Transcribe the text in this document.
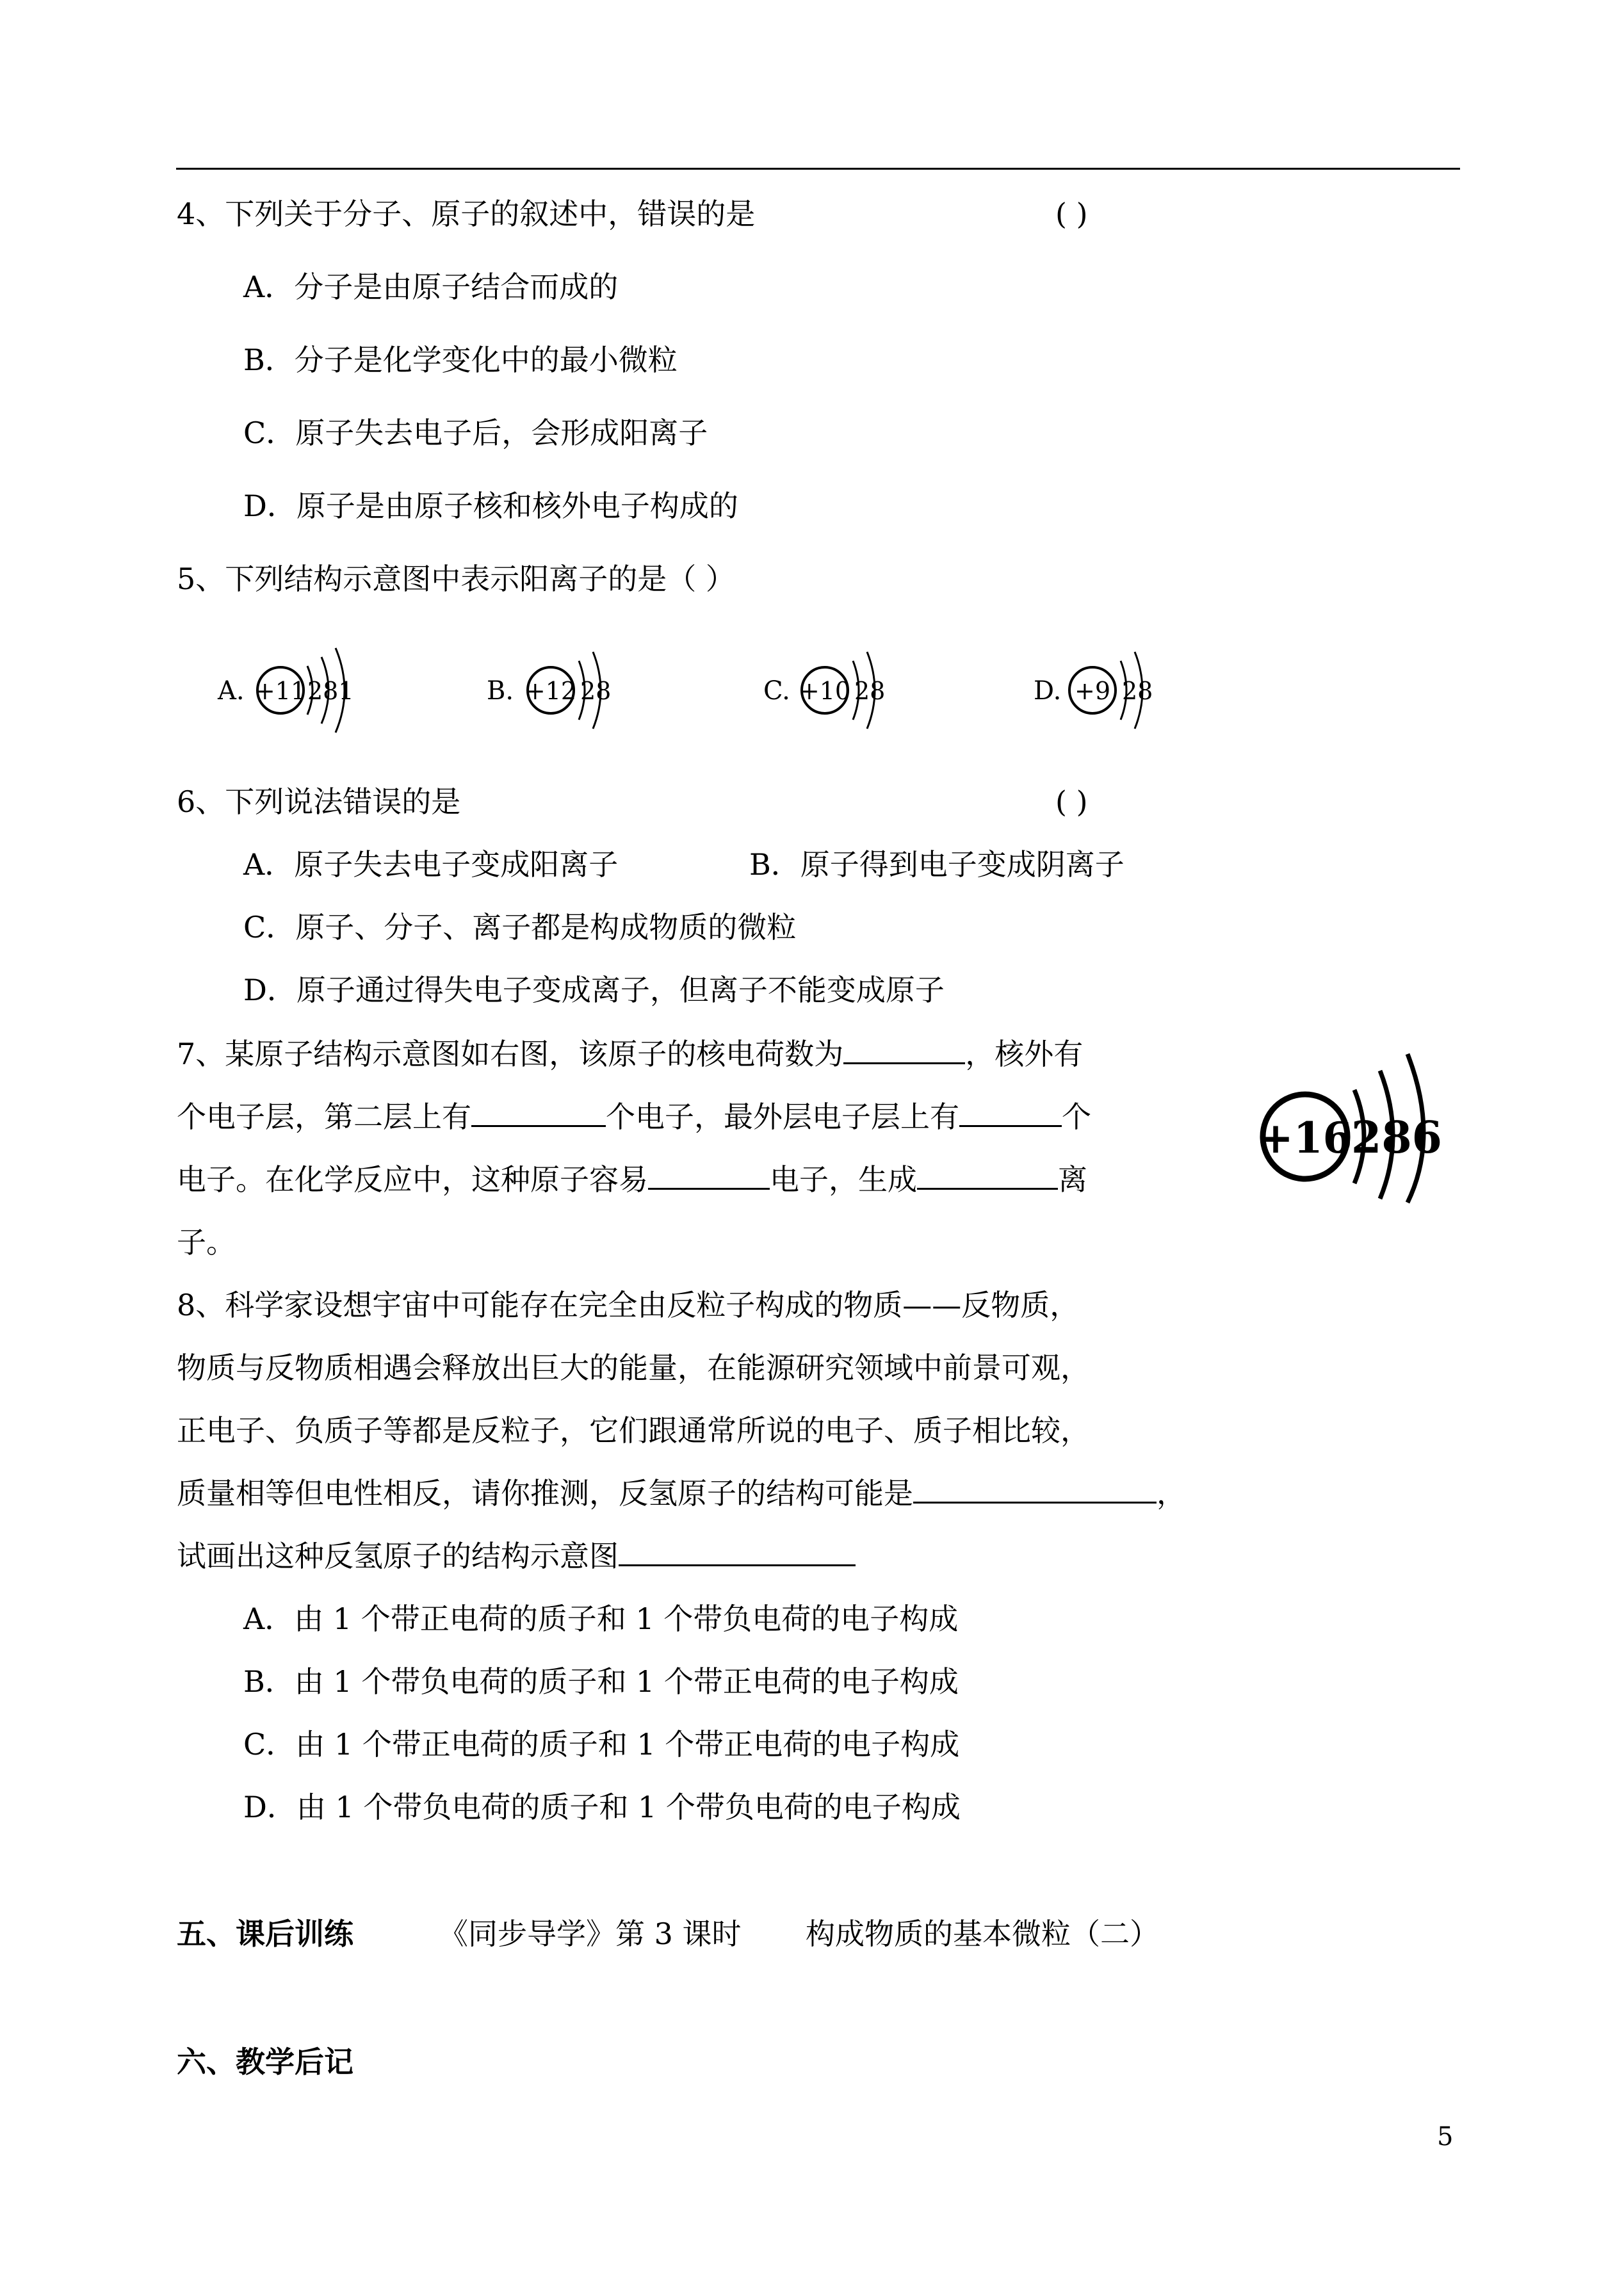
4、下列关于分子、原子的叙述中，错误的是	( )
A．分子是由原子结合而成的
B．分子是化学变化中的最小微粒
C．原子失去电子后，会形成阳离子
D．原子是由原子核和核外电子构成的
5、下列结构示意图中表示阳离子的是（ ）
A. +11 281	B. +12 28	C. +10 28	D. +9 28
6、下列说法错误的是	( )
A．原子失去电子变成阳离子	B．原子得到电子变成阴离子
C．原子、分子、离子都是构成物质的微粒
D．原子通过得失电子变成离子，但离子不能变成原子
7、某原子结构示意图如右图，该原子的核电荷数为	，核外有
个电子层，第二层上有	个电子，最外层电子层上有	个
电子。在化学反应中，这种原子容易	电子，生成	离
子。
+16
286
8、科学家设想宇宙中可能存在完全由反粒子构成的物质——反物质，
物质与反物质相遇会释放出巨大的能量，在能源研究领域中前景可观，
正电子、负质子等都是反粒子，它们跟通常所说的电子、质子相比较，
质量相等但电性相反，请你推测，反氢原子的结构可能是	，
试画出这种反氢原子的结构示意图
A．由 1 个带正电荷的质子和 1 个带负电荷的电子构成
B．由 1 个带负电荷的质子和 1 个带正电荷的电子构成
C．由 1 个带正电荷的质子和 1 个带正电荷的电子构成
D．由 1 个带负电荷的质子和 1 个带负电荷的电子构成
五、课后训练	《同步导学》第 3 课时 构成物质的基本微粒（二）
六、教学后记
5
